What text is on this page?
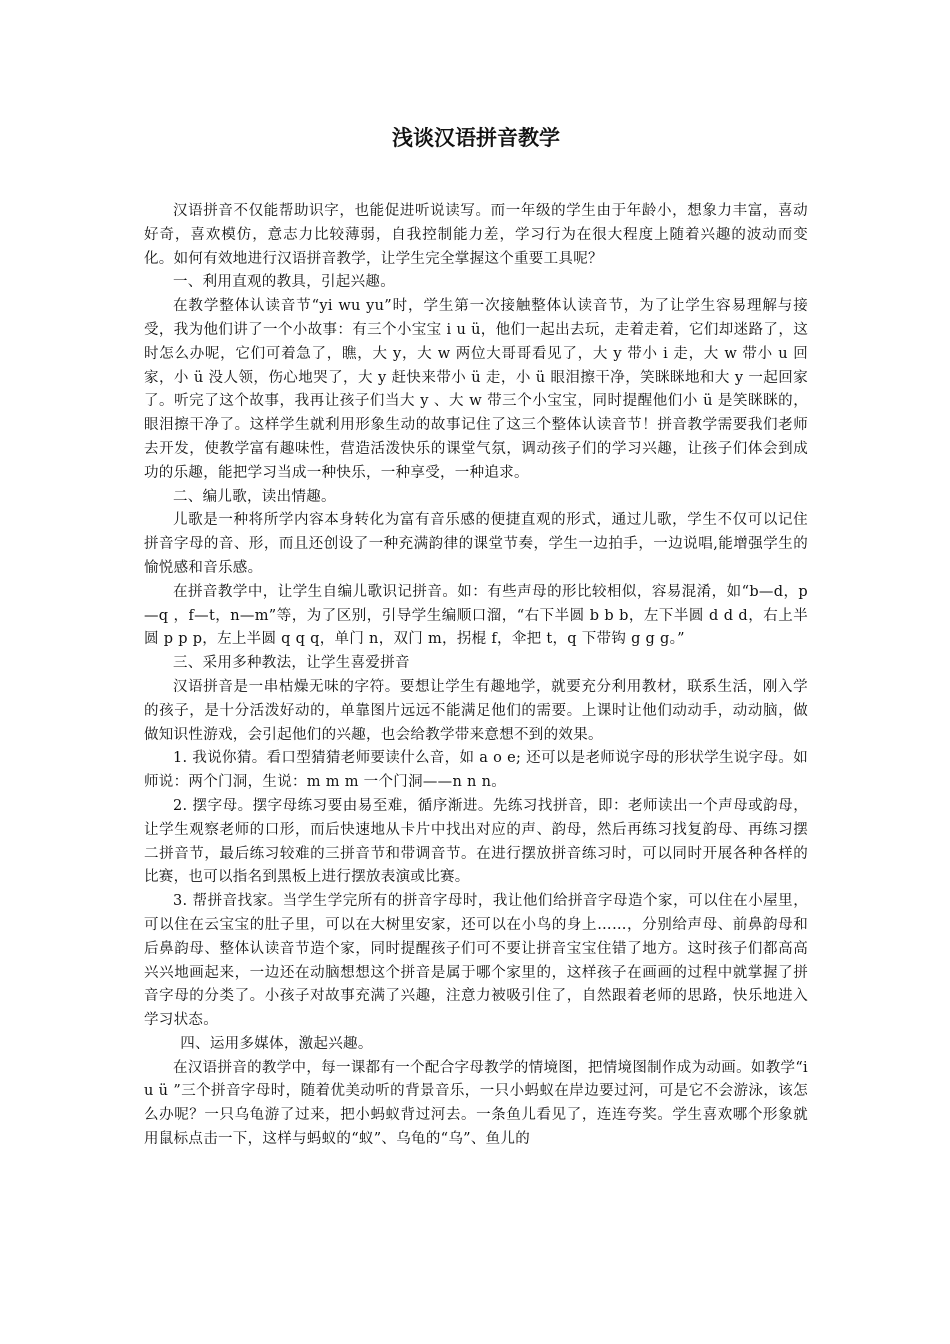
浅谈汉语拼音教学

汉语拼音不仅能帮助识字，也能促进听说读写。而一年级的学生由于年龄小，想象力丰富，喜动好奇，喜欢模仿，意志力比较薄弱，自我控制能力差，学习行为在很大程度上随着兴趣的波动而变化。如何有效地进行汉语拼音教学，让学生完全掌握这个重要工具呢？

一、利用直观的教具，引起兴趣。

在教学整体认读音节“yi wu yu”时，学生第一次接触整体认读音节，为了让学生容易理解与接受，我为他们讲了一个小故事：有三个小宝宝 i u ü，他们一起出去玩，走着走着，它们却迷路了，这时怎么办呢，它们可着急了，瞧，大 y，大 w 两位大哥哥看见了，大 y 带小 i 走，大 w 带小 u 回家，小 ü 没人领，伤心地哭了，大 y 赶快来带小 ü 走，小 ü 眼泪擦干净，笑眯眯地和大 y 一起回家了。听完了这个故事，我再让孩子们当大 y 、大 w 带三个小宝宝，同时提醒他们小 ü 是笑眯眯的，眼泪擦干净了。这样学生就利用形象生动的故事记住了这三个整体认读音节！拼音教学需要我们老师去开发，使教学富有趣味性，营造活泼快乐的课堂气氛，调动孩子们的学习兴趣，让孩子们体会到成功的乐趣，能把学习当成一种快乐，一种享受，一种追求。

二、编儿歌，读出情趣。

儿歌是一种将所学内容本身转化为富有音乐感的便捷直观的形式，通过儿歌，学生不仅可以记住拼音字母的音、形，而且还创设了一种充满韵律的课堂节奏，学生一边拍手，一边说唱,能增强学生的愉悦感和音乐感。

在拼音教学中，让学生自编儿歌识记拼音。如：有些声母的形比较相似，容易混淆，如“b—d，p—q ，f—t，n—m”等，为了区别，引导学生编顺口溜，“右下半圆 b b b，左下半圆 d d d，右上半圆 p p p，左上半圆 q q q，单门 n，双门 m，拐棍 f，伞把 t，q 下带钩 g g g。”

三、采用多种教法，让学生喜爱拼音

汉语拼音是一串枯燥无味的字符。要想让学生有趣地学，就要充分利用教材，联系生活，刚入学的孩子，是十分活泼好动的，单靠图片远远不能满足他们的需要。上课时让他们动动手，动动脑，做做知识性游戏，会引起他们的兴趣，也会给教学带来意想不到的效果。

1. 我说你猜。看口型猜猜老师要读什么音，如 a o e; 还可以是老师说字母的形状学生说字母。如师说：两个门洞，生说：m m m 一个门洞——n n n。

2. 摆字母。摆字母练习要由易至难，循序渐进。先练习找拼音，即：老师读出一个声母或韵母，让学生观察老师的口形，而后快速地从卡片中找出对应的声、韵母，然后再练习找复韵母、再练习摆二拼音节，最后练习较难的三拼音节和带调音节。在进行摆放拼音练习时，可以同时开展各种各样的比赛，也可以指名到黑板上进行摆放表演或比赛。

3. 帮拼音找家。当学生学完所有的拼音字母时，我让他们给拼音字母造个家，可以住在小屋里，可以住在云宝宝的肚子里，可以在大树里安家，还可以在小鸟的身上……，分别给声母、前鼻韵母和后鼻韵母、整体认读音节造个家，同时提醒孩子们可不要让拼音宝宝住错了地方。这时孩子们都高高兴兴地画起来，一边还在动脑想想这个拼音是属于哪个家里的，这样孩子在画画的过程中就掌握了拼音字母的分类了。小孩子对故事充满了兴趣，注意力被吸引住了，自然跟着老师的思路，快乐地进入学习状态。

四、运用多媒体，激起兴趣。

在汉语拼音的教学中，每一课都有一个配合字母教学的情境图，把情境图制作成为动画。如教学“i u ü ”三个拼音字母时，随着优美动听的背景音乐，一只小蚂蚁在岸边要过河，可是它不会游泳，该怎么办呢？一只乌龟游了过来，把小蚂蚁背过河去。一条鱼儿看见了，连连夸奖。学生喜欢哪个形象就用鼠标点击一下，这样与蚂蚁的“蚁”、乌龟的“乌”、鱼儿的
